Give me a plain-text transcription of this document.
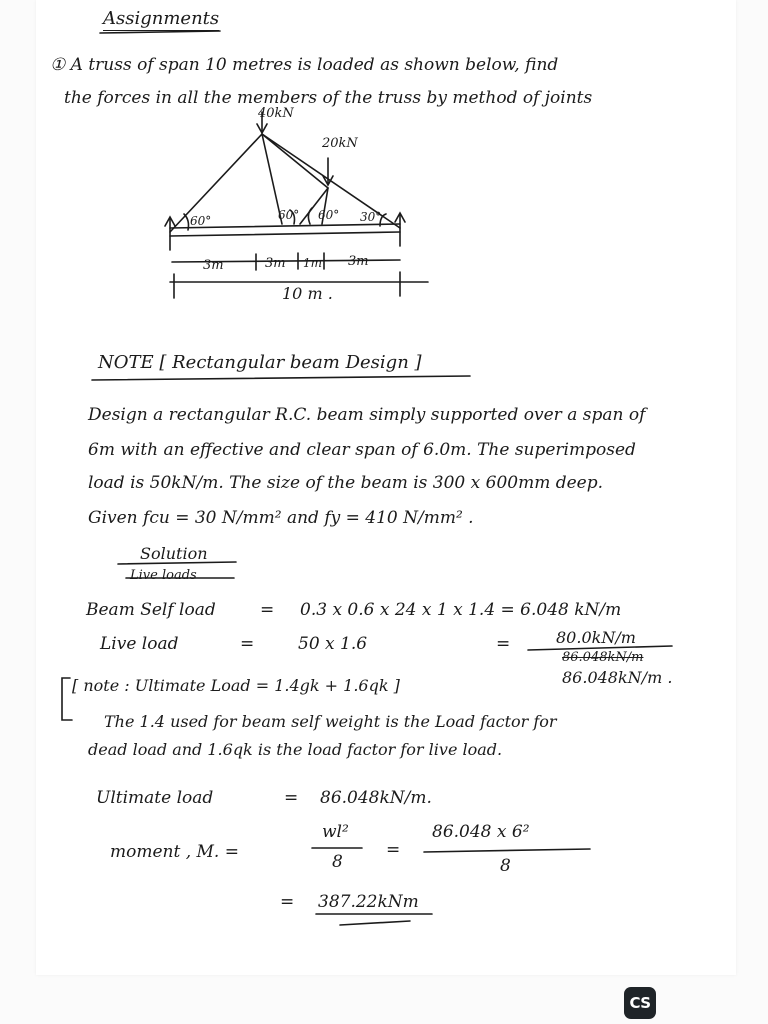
Assignments
① A truss of span 10 metres is loaded as shown below, find
the forces in all the members of the truss by method of joints
40kN
20kN
60°	60° 60° 30°
3m	3m 1m 3m
10 m .
NOTE [ Rectangular beam Design ]
Design a rectangular R.C. beam simply supported over a span of
6m with an effective and clear span of 6.0m. The superimposed
load is 50kN/m. The size of the beam is 300 x 600mm deep.
Given fcu = 30 N/mm² and fy = 410 N/mm² .
Solution
Live loads
Beam Self load	= 0.3 x 0.6 x 24 x 1 x 1.4 = 6.048 kN/m
Live load	=	50 x 1.6	=	80.0kN/m
86.048kN/m
86.048kN/m .
[ note : Ultimate Load = 1.4gk + 1.6qk ]
The 1.4 used for beam self weight is the Load factor for
dead load and 1.6qk is the load factor for live load.
Ultimate load	= 86.048kN/m.
moment , M. =
wl²
8
=
86.048 x 6²
8
= 387.22kNm
CS
